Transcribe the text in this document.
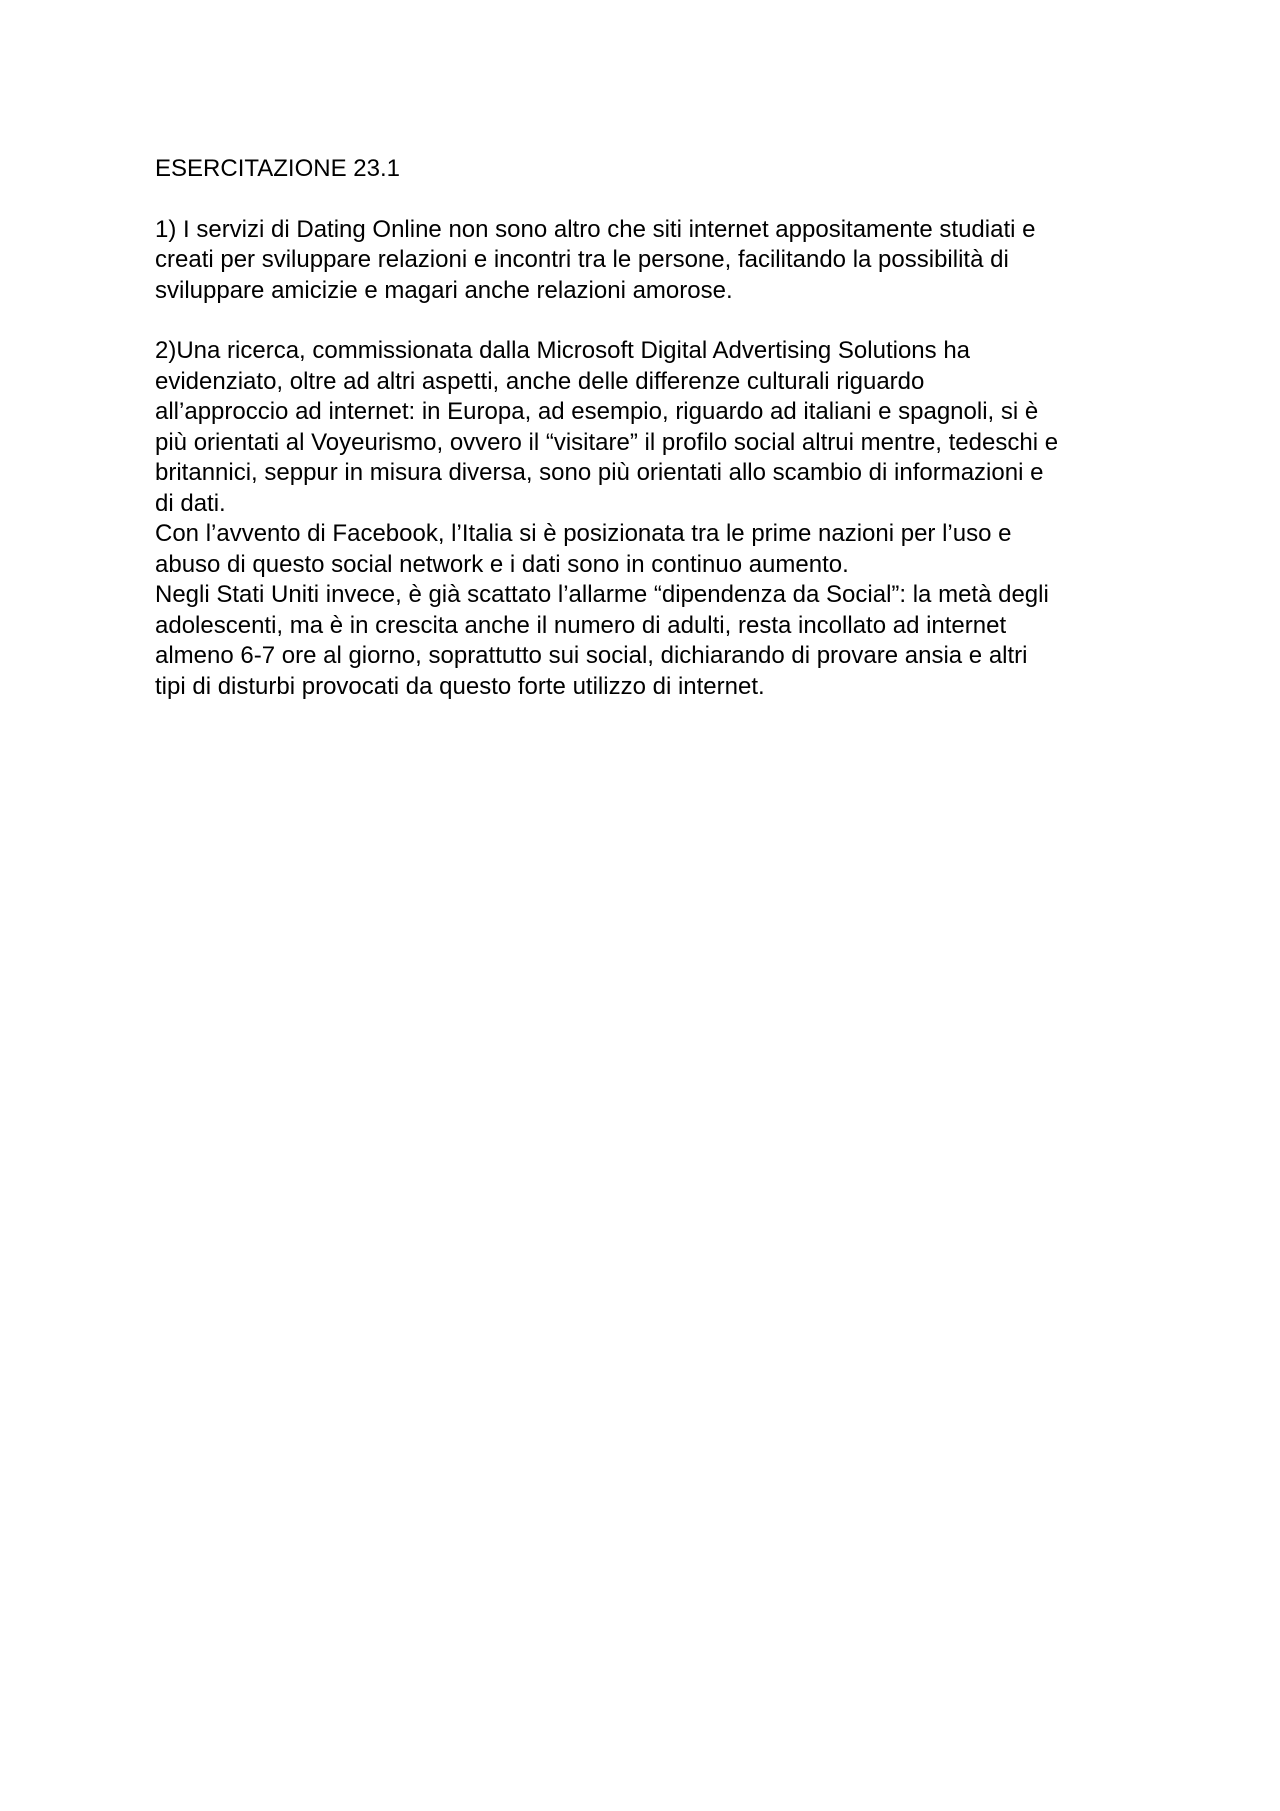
ESERCITAZIONE 23.1
1) I servizi di Dating Online non sono altro che siti internet appositamente studiati e
creati per sviluppare relazioni e incontri tra le persone, facilitando la possibilità di
sviluppare amicizie e magari anche relazioni amorose.
2)Una ricerca, commissionata dalla Microsoft Digital Advertising Solutions ha
evidenziato, oltre ad altri aspetti, anche delle differenze culturali riguardo
all’approccio ad internet: in Europa, ad esempio, riguardo ad italiani e spagnoli, si è
più orientati al Voyeurismo, ovvero il “visitare” il profilo social altrui mentre, tedeschi e
britannici, seppur in misura diversa, sono più orientati allo scambio di informazioni e
di dati.
Con l’avvento di Facebook, l’Italia si è posizionata tra le prime nazioni per l’uso e
abuso di questo social network e i dati sono in continuo aumento.
Negli Stati Uniti invece, è già scattato l’allarme “dipendenza da Social”: la metà degli
adolescenti, ma è in crescita anche il numero di adulti, resta incollato ad internet
almeno 6-7 ore al giorno, soprattutto sui social, dichiarando di provare ansia e altri
tipi di disturbi provocati da questo forte utilizzo di internet.
